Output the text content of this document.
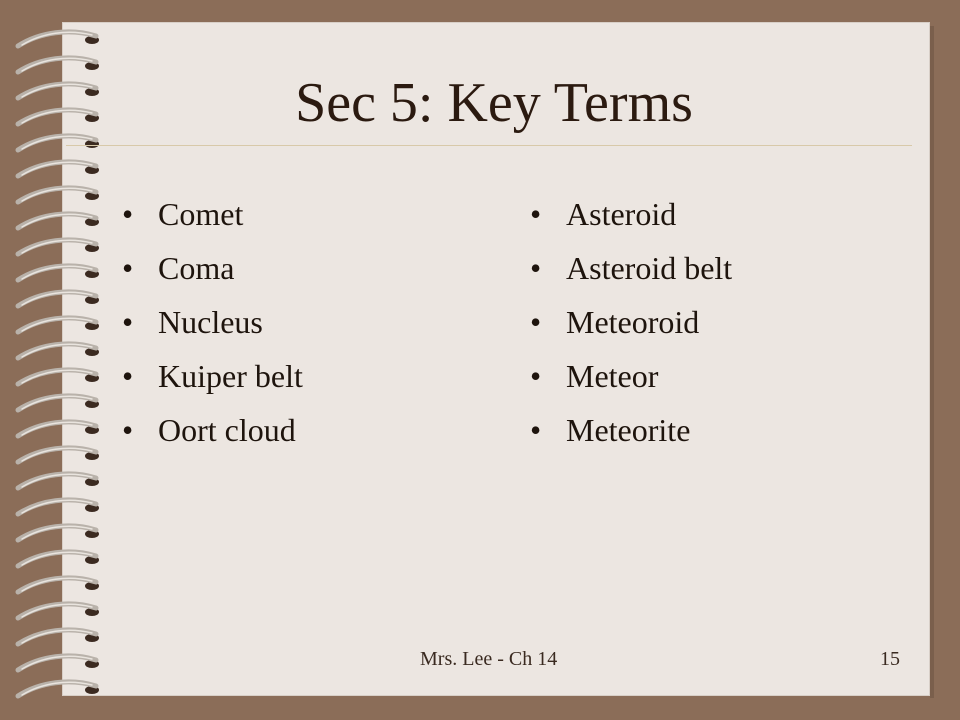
Sec 5: Key Terms
• Comet
• Coma
• Nucleus
• Kuiper belt
• Oort cloud
• Asteroid
• Asteroid belt
• Meteoroid
• Meteor
• Meteorite
Mrs. Lee - Ch 14	15
